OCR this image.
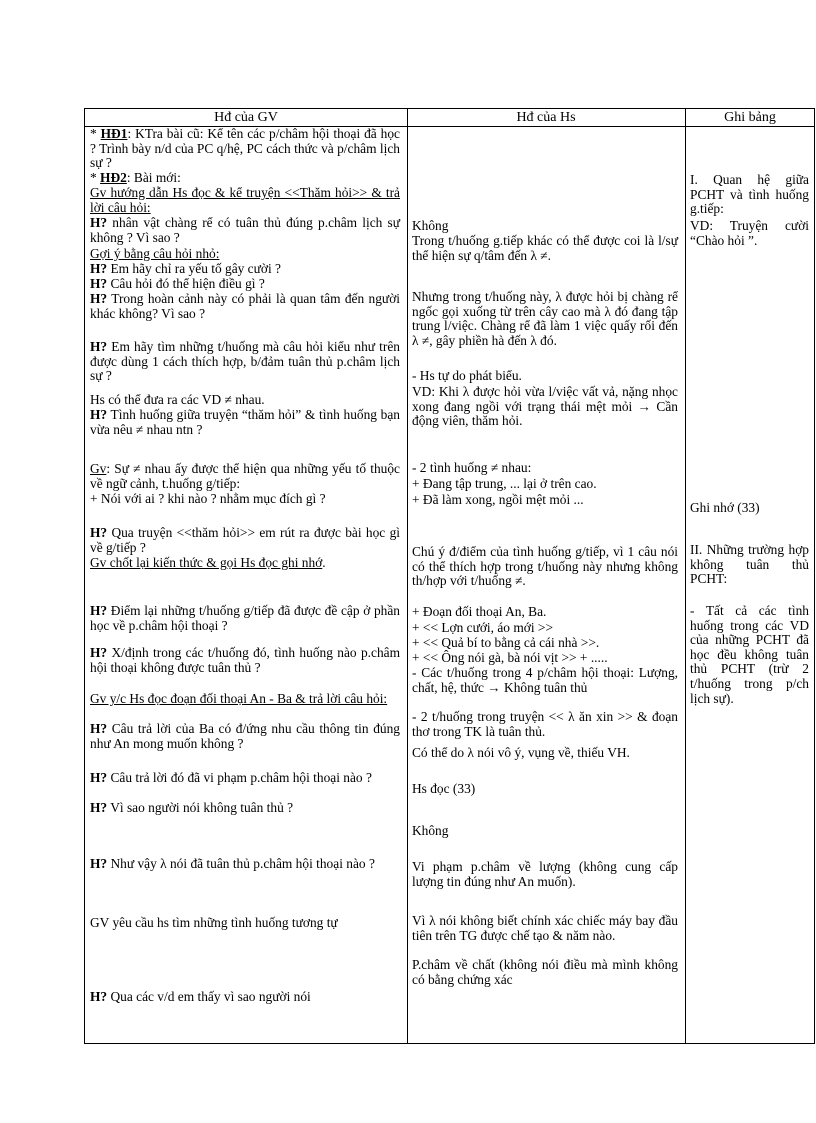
Hđ của GV	Hđ của Hs	Ghi bảng

* HĐ1: KTra bài cũ: Kể tên các p/châm hội thoại đã học ? Trình bày n/d của PC q/hệ, PC cách thức và p/châm lịch sự ?

* HĐ2: Bài mới:

Gv hướng dẫn Hs đọc & kể truyện <<Thăm hỏi>> & trả lời câu hỏi:

H? nhân vật chàng rể có tuân thủ đúng p.châm lịch sự không ? Vì sao ?

Gợi ý bằng câu hỏi nhỏ:

H? Em hãy chỉ ra yếu tố gây cười ?

H? Câu hỏi đó thể hiện điều gì ?

H? Trong hoàn cảnh này có phải là quan tâm đến người khác không? Vì sao ?

H? Em hãy tìm những t/huống mà câu hỏi kiểu như trên được dùng 1 cách thích hợp, b/đảm tuân thủ p.châm lịch sự ?

Hs có thể đưa ra các VD ≠ nhau.

H? Tình huống giữa truyện “thăm hỏi” & tình huống bạn vừa nêu ≠ nhau ntn ?

Gv: Sự ≠ nhau ấy được thể hiện qua những yếu tố thuộc về ngữ cảnh, t.huống g/tiếp:

+ Nói với ai ? khi nào ? nhằm mục đích gì ?

H? Qua truyện <<thăm hỏi>> em rút ra được bài học gì về g/tiếp ?

Gv chốt lại kiến thức & gọi Hs đọc ghi nhớ.

H? Điểm lại những t/huống g/tiếp đã được đề cập ở phần học về p.châm hội thoại ?

H? X/định trong các t/huống đó, tình huống nào p.châm hội thoại không được tuân thủ ?

Gv y/c Hs đọc đoạn đối thoại An - Ba & trả lời câu hỏi:

H? Câu trả lời của Ba có đ/ứng nhu cầu thông tin đúng như An mong muốn không ?

H? Câu trả lời đó đã vi phạm p.châm hội thoại nào ?

H? Vì sao người nói không tuân thủ ?

H? Như vậy λ nói đã tuân thủ p.châm hội thoại nào ?

GV yêu cầu hs tìm những tình huống tương tự

H? Qua các v/d em thấy vì sao người nói

Không

Trong t/huống g.tiếp khác có thể được coi là l/sự thể hiện sự q/tâm đến λ ≠.

Nhưng trong t/huống này, λ được hỏi bị chàng rể ngốc gọi xuống từ trên cây cao mà λ đó đang tập trung l/việc. Chàng rể đã làm 1 việc quấy rối đến λ ≠, gây phiền hà đến λ đó.

- Hs tự do phát biểu.

VD: Khi λ được hỏi vừa l/việc vất vả, nặng nhọc xong đang ngồi với trạng thái mệt mỏi → Cần động viên, thăm hỏi.

- 2 tình huống ≠ nhau:

+ Đang tập trung, ... lại ở trên cao.

+ Đã làm xong, ngồi mệt mỏi ...

Chú ý đ/điểm của tình huống g/tiếp, vì 1 câu nói có thể thích hợp trong t/huống này nhưng không th/hợp với t/huống ≠.

+ Đoạn đối thoại An, Ba.

+ << Lợn cưới, áo mới >>

+ << Quả bí to bằng cả cái nhà >>.

+ << Ông nói gà, bà nói vịt >> + .....

- Các t/huống trong 4 p/châm hội thoại: Lượng, chất, hệ, thức → Không tuân thủ

- 2 t/huống trong truyện << λ ăn xin >> & đoạn thơ trong TK là tuân thủ.

Có thể do λ nói vô ý, vụng về, thiếu VH.

Hs đọc (33)

Không

Vi phạm p.châm về lượng (không cung cấp lượng tin đúng như An muốn).

Vì λ nói không biết chính xác chiếc máy bay đầu tiên trên TG được chế tạo & năm nào.

P.châm về chất (không nói điều mà mình không có bằng chứng xác

I. Quan hệ giữa PCHT và tình huống g.tiếp:

VD: Truyện cười “Chào hỏi ”.

Ghi nhớ (33)

II. Những trường hợp không tuân thủ PCHT:

- Tất cả các tình huống trong các VD của những PCHT đã học đều không tuân thủ PCHT (trừ 2 t/huống trong p/ch lịch sự).
